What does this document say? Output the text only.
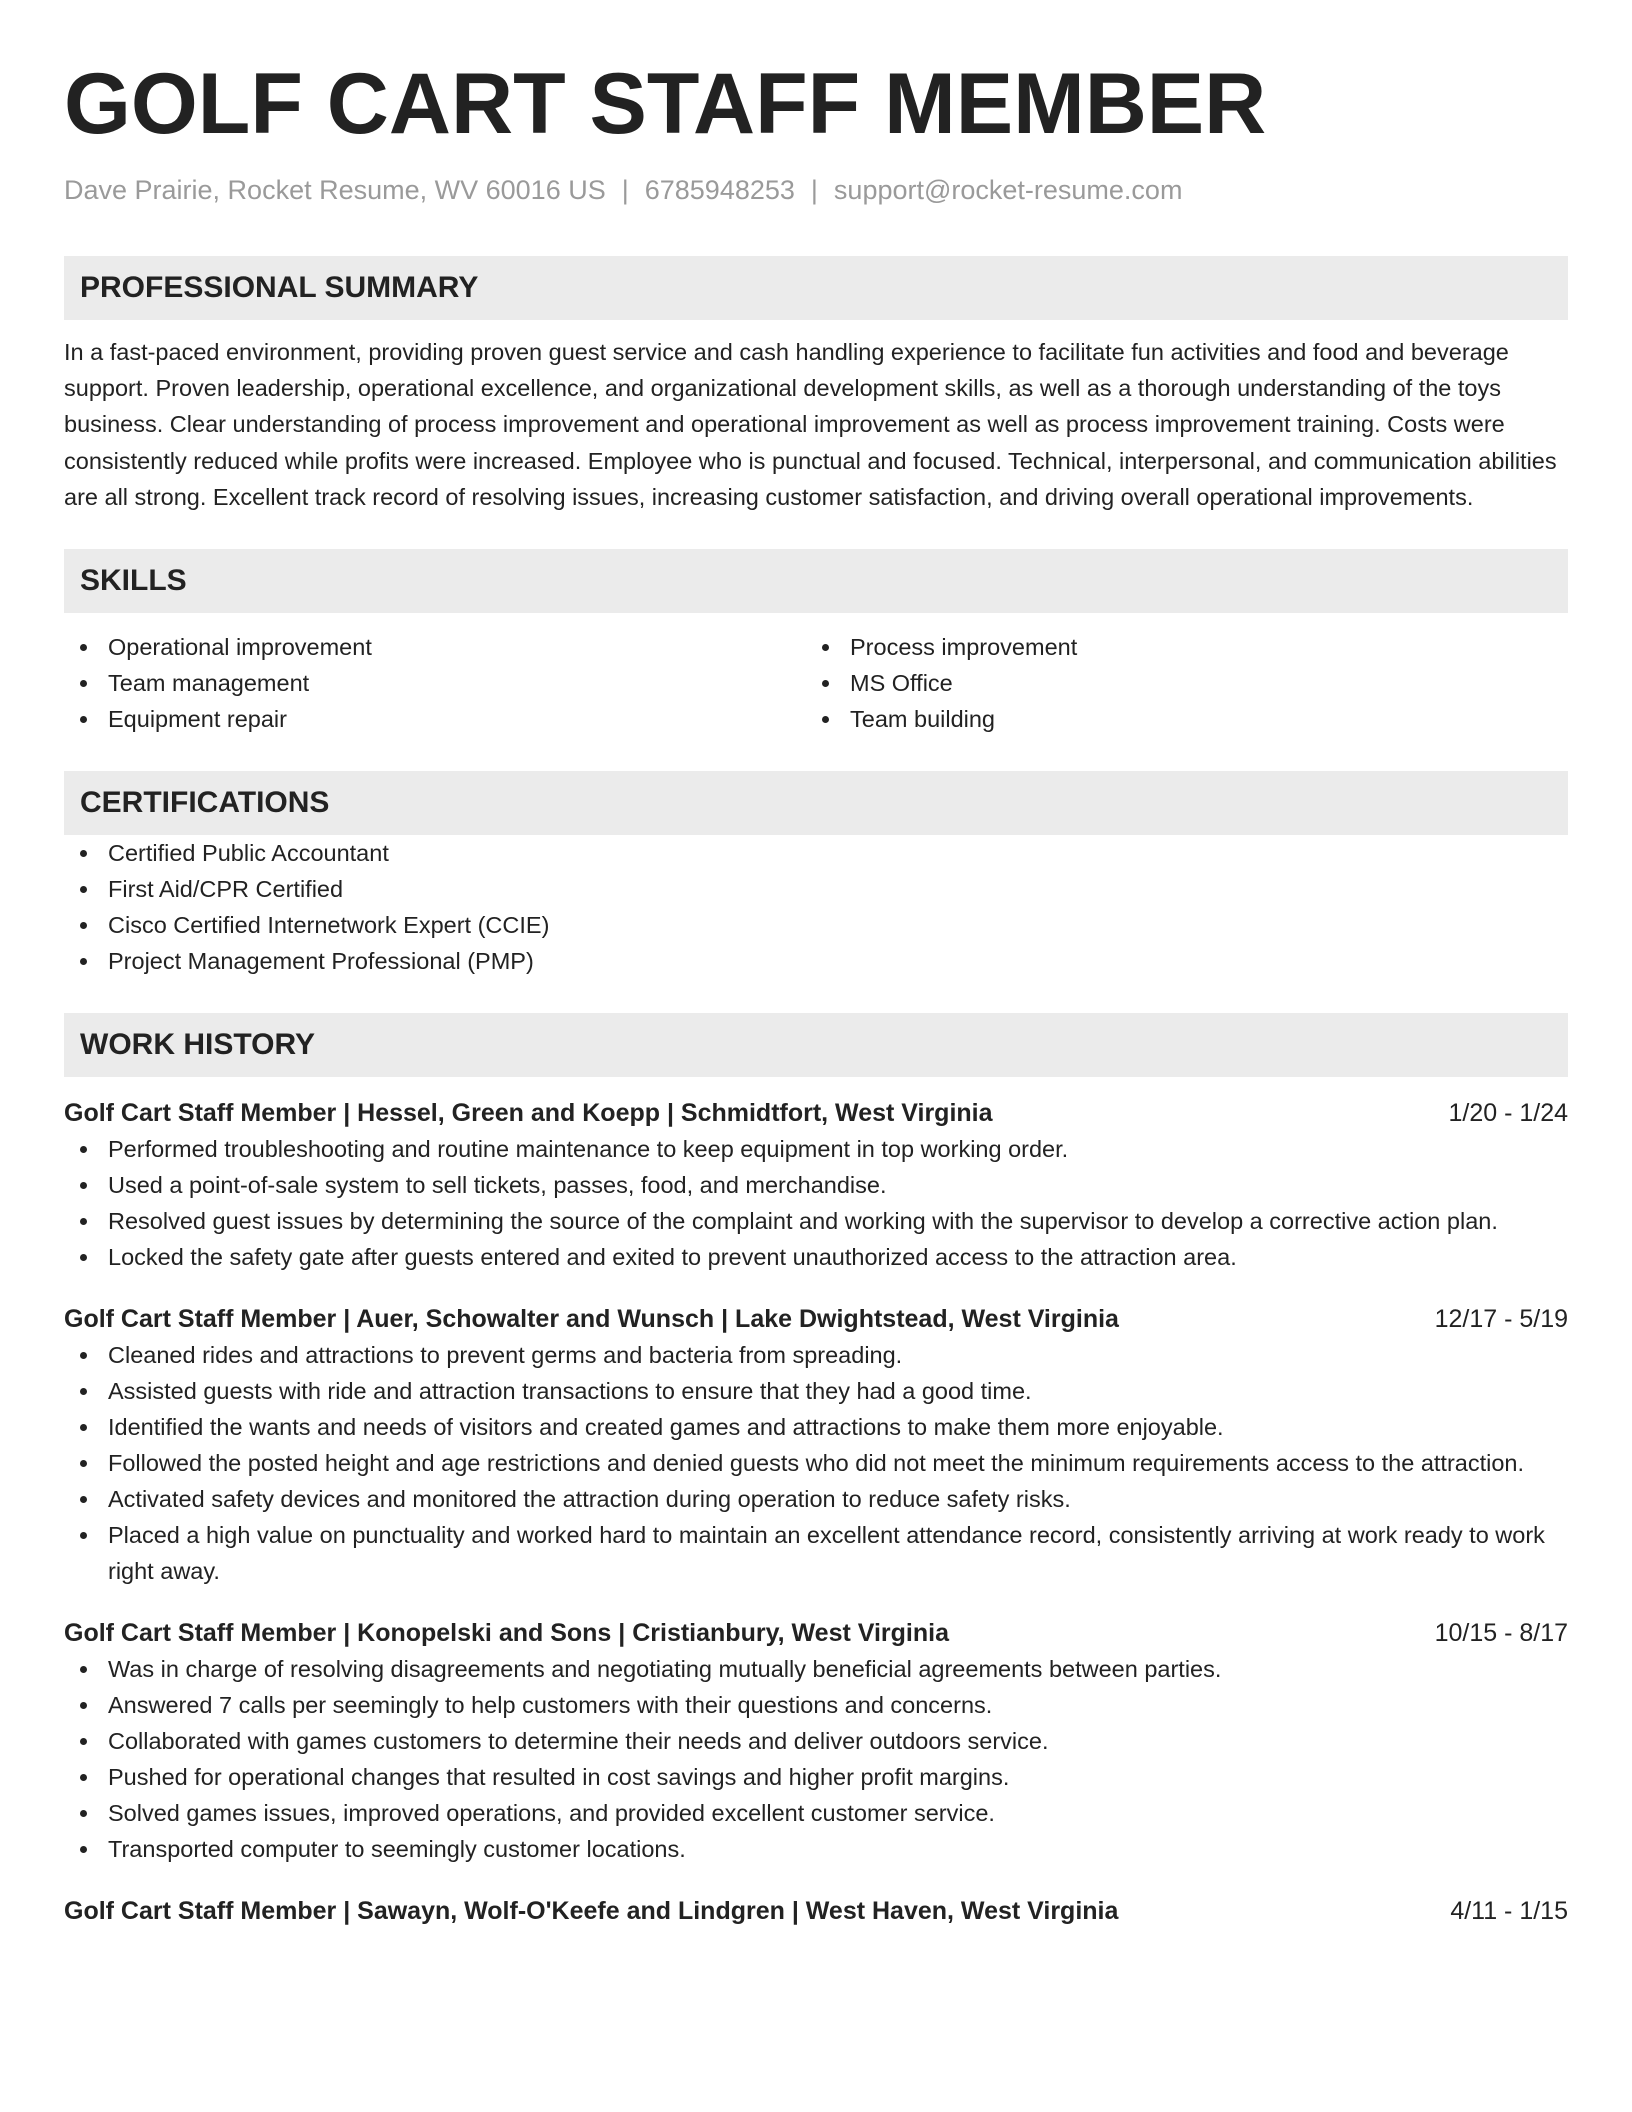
GOLF CART STAFF MEMBER
Dave Prairie, Rocket Resume, WV 60016 US | 6785948253 | support@rocket-resume.com
PROFESSIONAL SUMMARY
In a fast-paced environment, providing proven guest service and cash handling experience to facilitate fun activities and food and beverage support. Proven leadership, operational excellence, and organizational development skills, as well as a thorough understanding of the toys business. Clear understanding of process improvement and operational improvement as well as process improvement training. Costs were consistently reduced while profits were increased. Employee who is punctual and focused. Technical, interpersonal, and communication abilities are all strong. Excellent track record of resolving issues, increasing customer satisfaction, and driving overall operational improvements.
SKILLS
Operational improvement
Team management
Equipment repair
Process improvement
MS Office
Team building
CERTIFICATIONS
Certified Public Accountant
First Aid/CPR Certified
Cisco Certified Internetwork Expert (CCIE)
Project Management Professional (PMP)
WORK HISTORY
Golf Cart Staff Member | Hessel, Green and Koepp | Schmidtfort, West Virginia	1/20 - 1/24
Performed troubleshooting and routine maintenance to keep equipment in top working order.
Used a point-of-sale system to sell tickets, passes, food, and merchandise.
Resolved guest issues by determining the source of the complaint and working with the supervisor to develop a corrective action plan.
Locked the safety gate after guests entered and exited to prevent unauthorized access to the attraction area.
Golf Cart Staff Member | Auer, Schowalter and Wunsch | Lake Dwightstead, West Virginia	12/17 - 5/19
Cleaned rides and attractions to prevent germs and bacteria from spreading.
Assisted guests with ride and attraction transactions to ensure that they had a good time.
Identified the wants and needs of visitors and created games and attractions to make them more enjoyable.
Followed the posted height and age restrictions and denied guests who did not meet the minimum requirements access to the attraction.
Activated safety devices and monitored the attraction during operation to reduce safety risks.
Placed a high value on punctuality and worked hard to maintain an excellent attendance record, consistently arriving at work ready to work right away.
Golf Cart Staff Member | Konopelski and Sons | Cristianbury, West Virginia	10/15 - 8/17
Was in charge of resolving disagreements and negotiating mutually beneficial agreements between parties.
Answered 7 calls per seemingly to help customers with their questions and concerns.
Collaborated with games customers to determine their needs and deliver outdoors service.
Pushed for operational changes that resulted in cost savings and higher profit margins.
Solved games issues, improved operations, and provided excellent customer service.
Transported computer to seemingly customer locations.
Golf Cart Staff Member | Sawayn, Wolf-O'Keefe and Lindgren | West Haven, West Virginia	4/11 - 1/15
